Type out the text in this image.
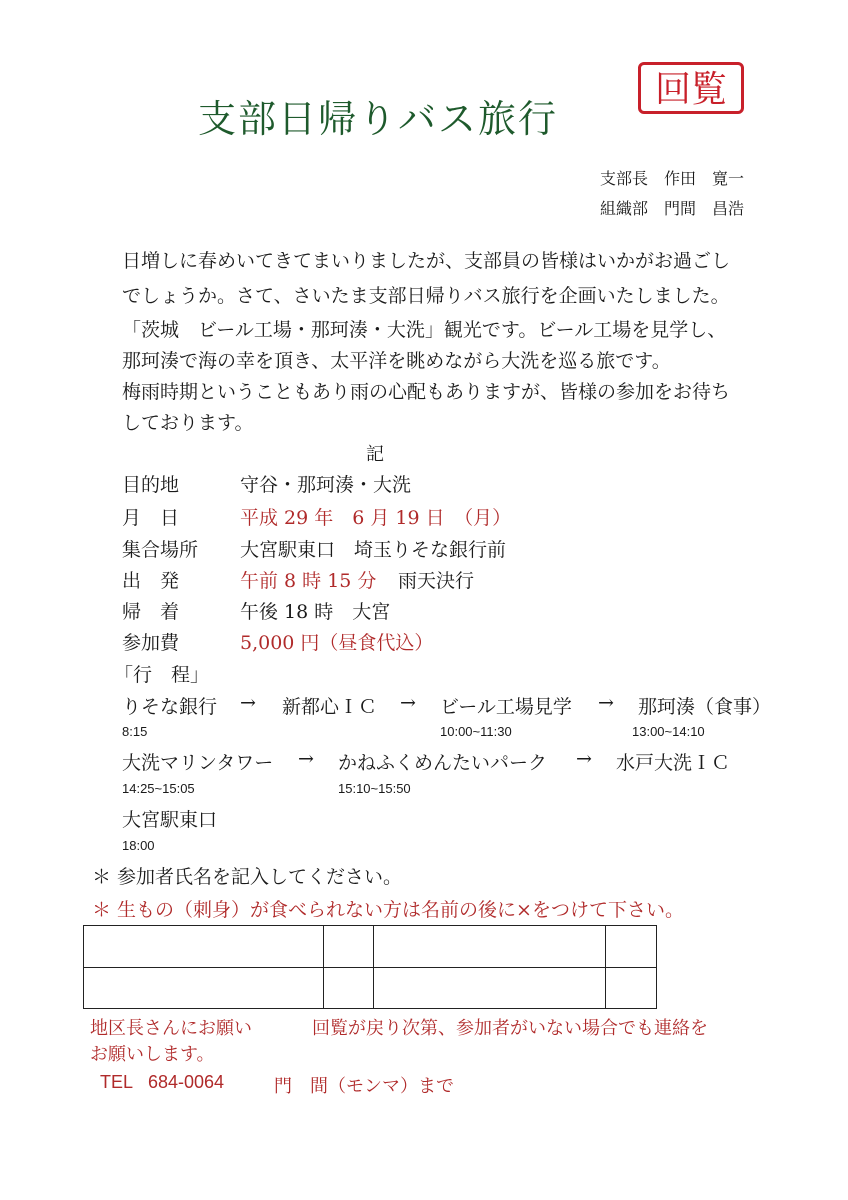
支部日帰りバス旅行
回覧
支部長　 作田　寛一
組織部　 門間　昌浩
日増しに春めいてきてまいりましたが、支部員の皆様はいかがお過ごし
でしょうか。さて、さいたま支部日帰りバス旅行を企画いたしました。
「茨城　ビール工場・那珂湊・大洗」観光です。ビール工場を見学し、
那珂湊で海の幸を頂き、太平洋を眺めながら大洗を巡る旅です。
梅雨時期ということもあり雨の心配もありますが、皆様の参加をお待ち
しております。
記
目的地	守谷・那珂湊・大洗
月　日	平成 29 年　6 月 19 日　（月）
集合場所 大宮駅東口　埼玉りそな銀行前
出　発	午前 8 時 15 分 雨天決行
帰　着	午後 18 時　大宮
参加費	5,000 円（昼食代込）
「行　程」
りそな銀行 → 新都心ＩＣ → ビール工場見学 → 那珂湊（食事）
8:15	10:00~11:30	13:00~14:10
大洗マリンタワー → かねふくめんたいパーク → 水戸大洗ＩＣ
14:25~15:05	15:10~15:50
大宮駅東口
18:00
＊ 参加者氏名を記入してください。
＊ 生もの（刺身）が食べられない方は名前の後に×をつけて下さい。
地区長さんにお願い	回覧が戻り次第、参加者がいない場合でも連絡を
お願いします。
TEL 684-0064	門　間（モンマ）まで
